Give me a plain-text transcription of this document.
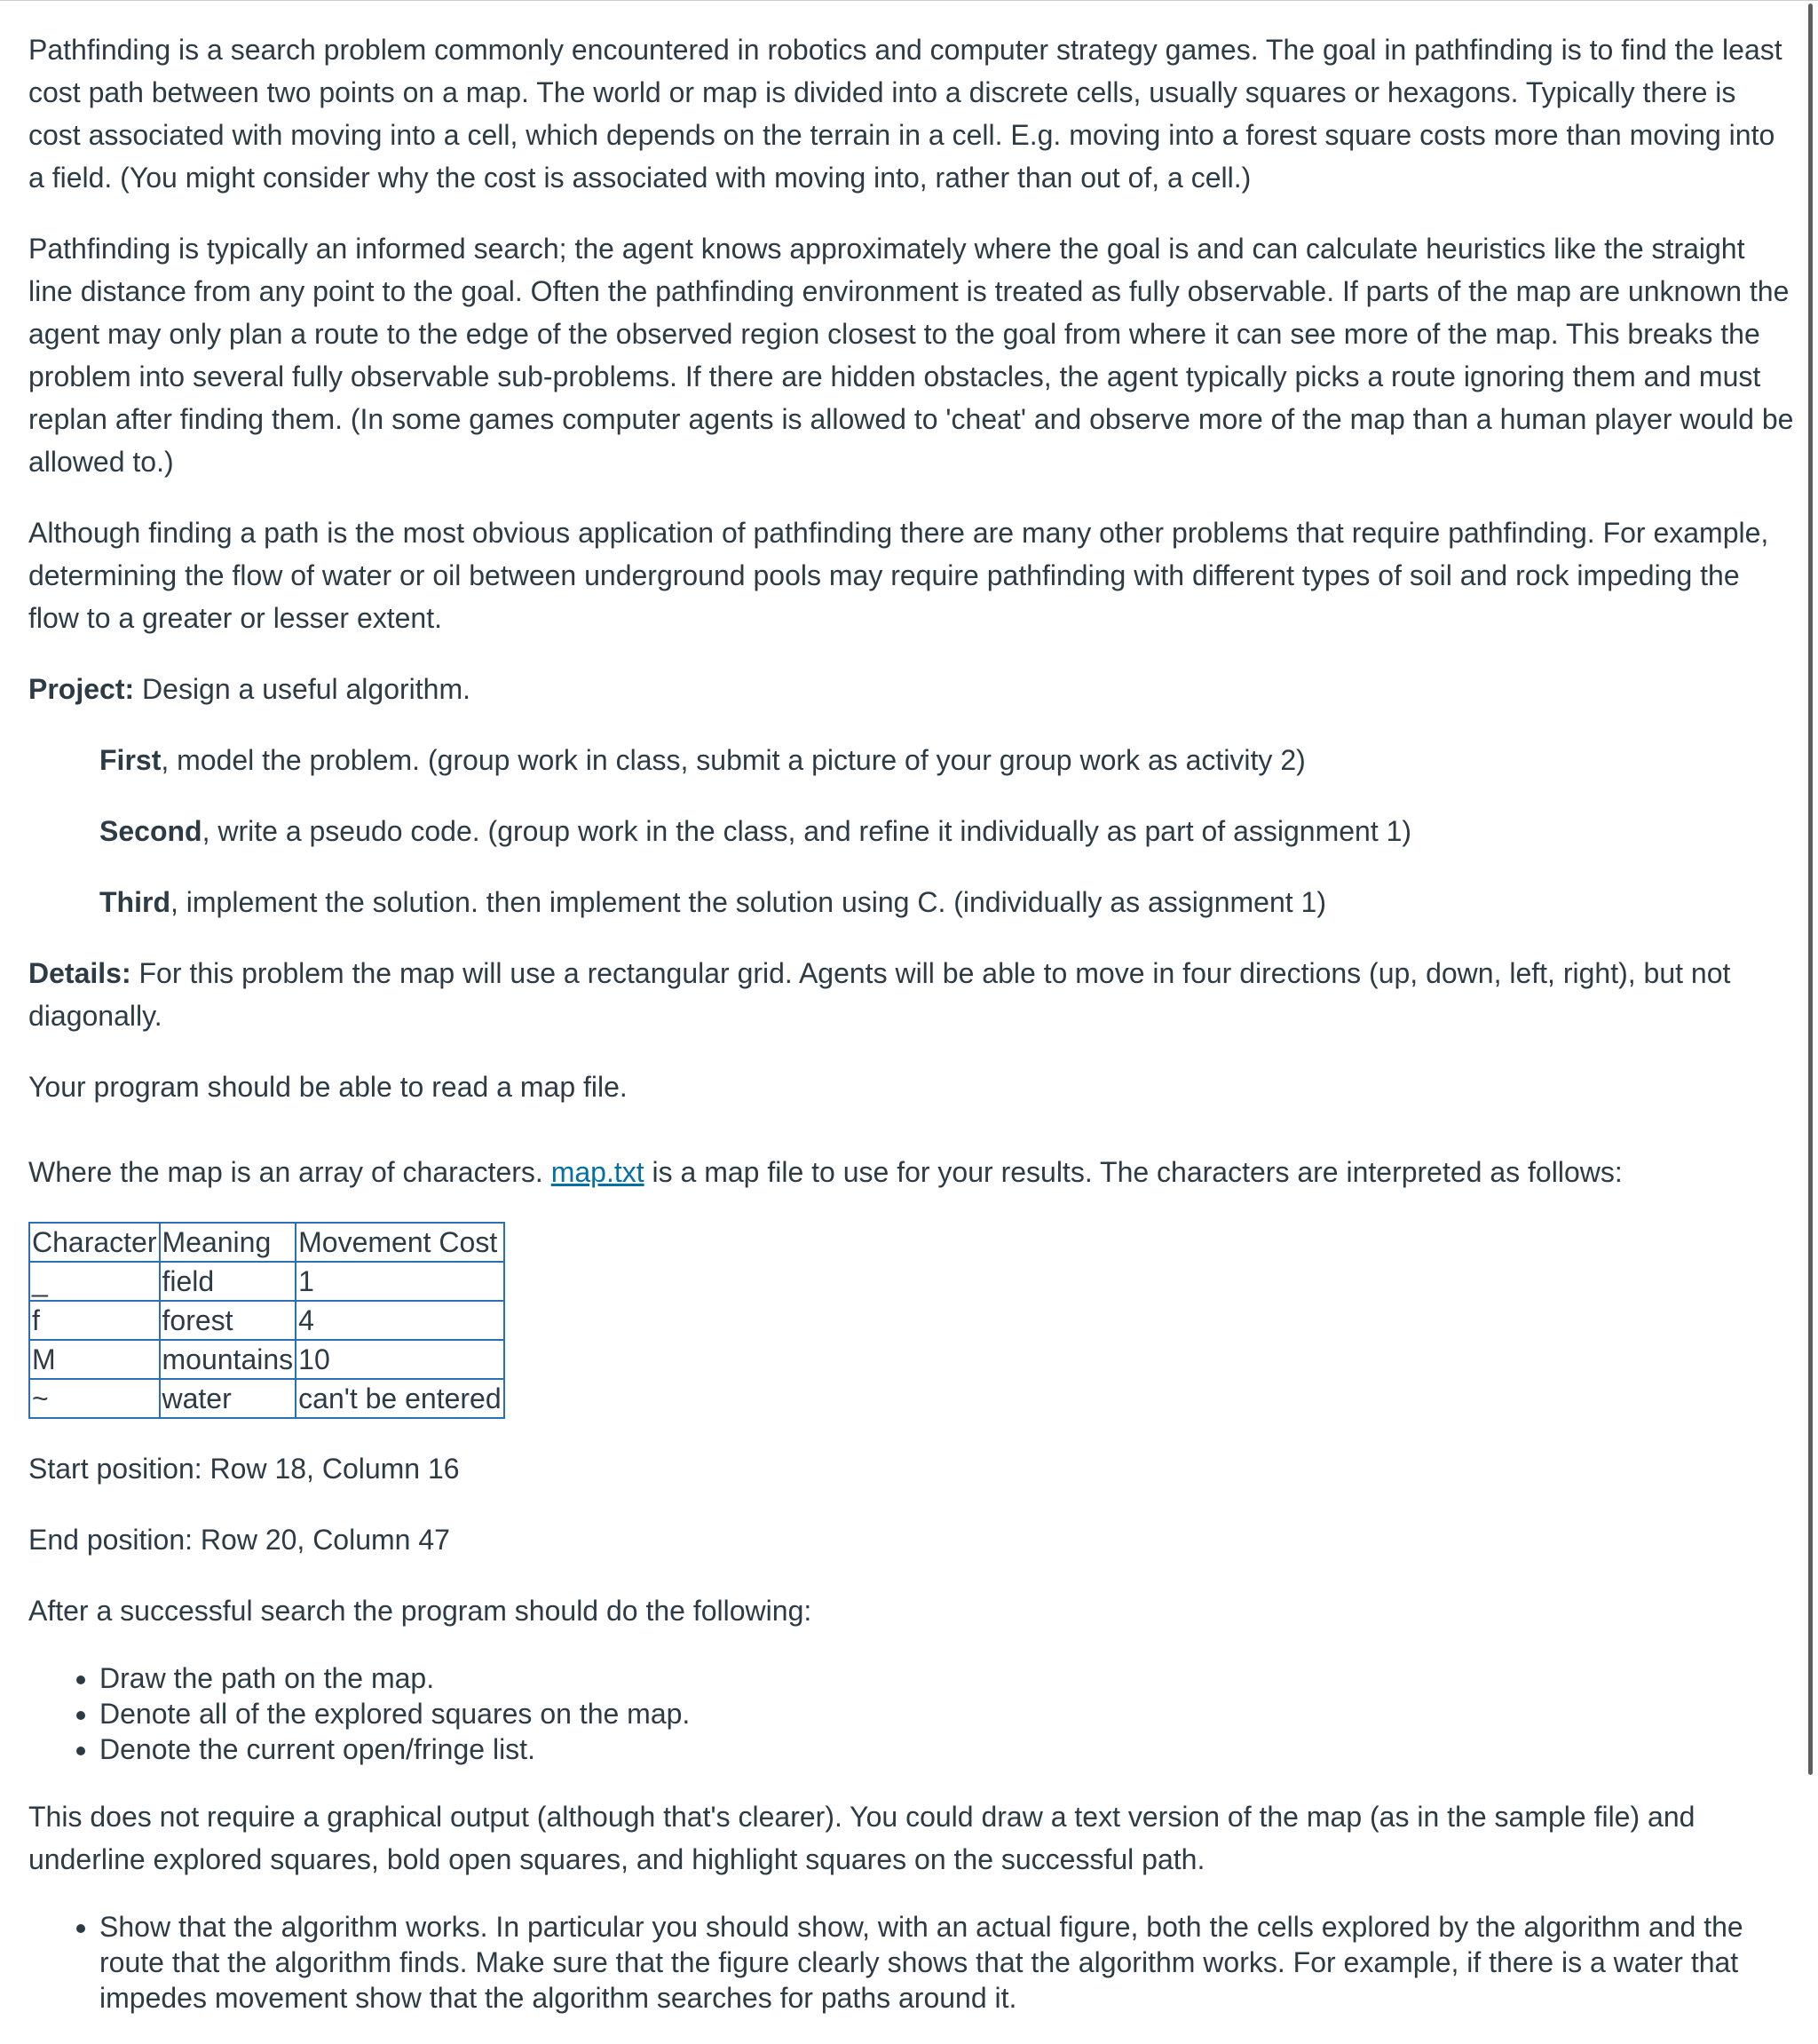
Pathfinding is a search problem commonly encountered in robotics and computer strategy games. The goal in pathfinding is to find the least cost path between two points on a map. The world or map is divided into a discrete cells, usually squares or hexagons. Typically there is cost associated with moving into a cell, which depends on the terrain in a cell. E.g. moving into a forest square costs more than moving into a field. (You might consider why the cost is associated with moving into, rather than out of, a cell.)

Pathfinding is typically an informed search; the agent knows approximately where the goal is and can calculate heuristics like the straight line distance from any point to the goal. Often the pathfinding environment is treated as fully observable. If parts of the map are unknown the agent may only plan a route to the edge of the observed region closest to the goal from where it can see more of the map. This breaks the problem into several fully observable sub-problems. If there are hidden obstacles, the agent typically picks a route ignoring them and must replan after finding them. (In some games computer agents is allowed to 'cheat' and observe more of the map than a human player would be allowed to.)

Although finding a path is the most obvious application of pathfinding there are many other problems that require pathfinding. For example, determining the flow of water or oil between underground pools may require pathfinding with different types of soil and rock impeding the flow to a greater or lesser extent.

Project: Design a useful algorithm.

First, model the problem. (group work in class, submit a picture of your group work as activity 2)

Second, write a pseudo code. (group work in the class, and refine it individually as part of assignment 1)

Third, implement the solution. then implement the solution using C. (individually as assignment 1)

Details: For this problem the map will use a rectangular grid. Agents will be able to move in four directions (up, down, left, right), but not diagonally.

Your program should be able to read a map file.

Where the map is an array of characters. map.txt is a map file to use for your results. The characters are interpreted as follows:

Character	Meaning	Movement Cost
_	field	1
f	forest	4
M	mountains	10
~	water	can't be entered

Start position: Row 18, Column 16

End position: Row 20, Column 47

After a successful search the program should do the following:

• Draw the path on the map.
• Denote all of the explored squares on the map.
• Denote the current open/fringe list.

This does not require a graphical output (although that's clearer). You could draw a text version of the map (as in the sample file) and underline explored squares, bold open squares, and highlight squares on the successful path.

• Show that the algorithm works. In particular you should show, with an actual figure, both the cells explored by the algorithm and the route that the algorithm finds. Make sure that the figure clearly shows that the algorithm works. For example, if there is a water that impedes movement show that the algorithm searches for paths around it.
